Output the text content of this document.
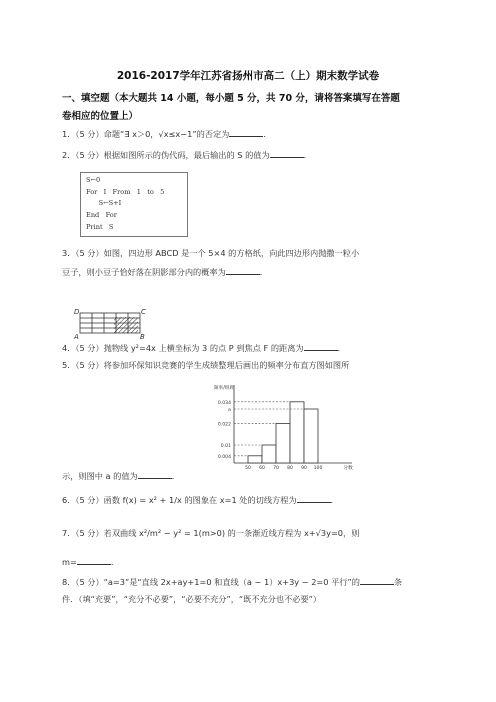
2016-2017学年江苏省扬州市高二（上）期末数学试卷
一、填空题（本大题共 14 小题，每小题 5 分，共 70 分，请将答案填写在答题
卷相应的位置上）
1．（5 分）命题“∃ x＞0，√x≤x−1”的否定为	．
2．（5 分）根据如图所示的伪代码，最后输出的 S 的值为	．
S←0
For   I   From   1   to   5
S←S+I
End   For
Print   S
3．（5 分）如图，四边形 ABCD 是一个 5×4 的方格纸，向此四边形内抛撒一粒小
豆子，则小豆子恰好落在阴影部分内的概率为	．
D	C
A	B
4．（5 分）抛物线 y²=4x 上横坐标为 3 的点 P 到焦点 F 的距离为	．
5．（5 分）将参加环保知识竞赛的学生成绩整理后画出的频率分布直方图如图所
0.034
a
0.022
0.01
0.004
50 60 70 80 90 100
频率/组距
分数
示，则图中 a 的值为	．
6．（5 分）函数 f(x) = x² + 1/x 的图象在 x=1 处的切线方程为	．
7．（5 分）若双曲线 x²/m² − y² = 1(m>0) 的一条渐近线方程为 x+√3y=0，则
m=	．
8．（5 分）“a=3”是“直线 2x+ay+1=0 和直线（a − 1）x+3y − 2=0 平行”的	条
件．（填“充要”，“充分不必要”，“必要不充分”，“既不充分也不必要”）
